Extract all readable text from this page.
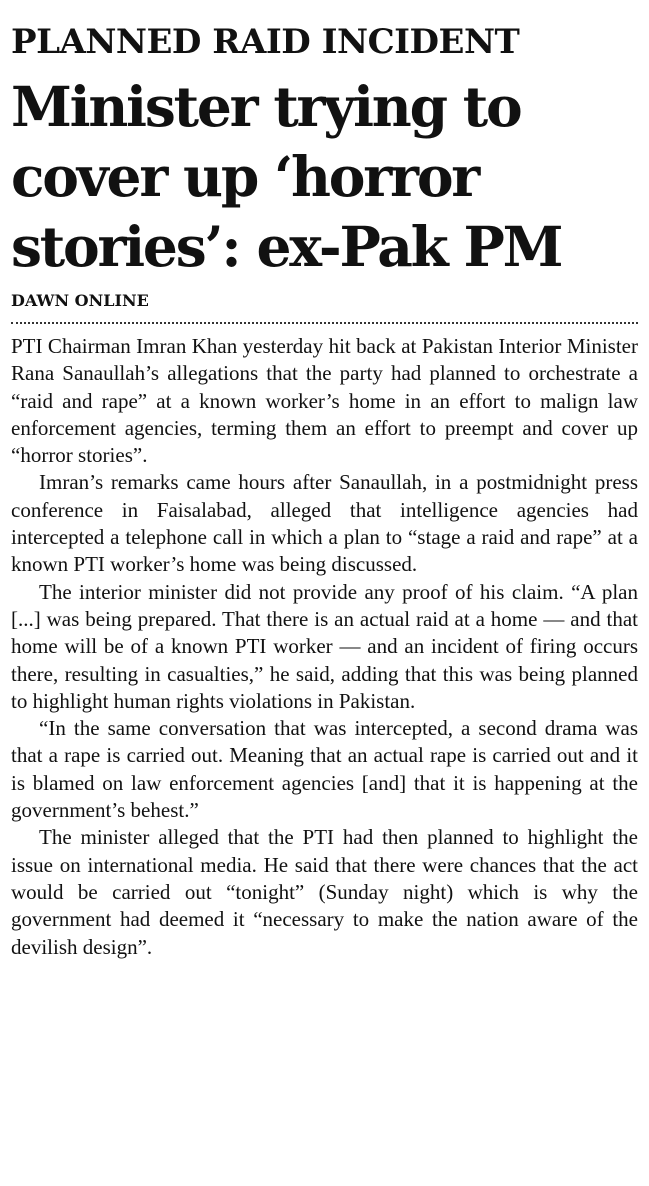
PLANNED RAID INCIDENT
Minister trying to
cover up ‘horror
stories’: ex-Pak PM
DAWN ONLINE

PTI Chairman Imran Khan yesterday hit back at Pakistan Interior Minister Rana Sanaullah’s allegations that the party had planned to orchestrate a “raid and rape” at a known worker’s home in an effort to malign law enforcement agencies, terming them an effort to preempt and cover up “horror stories”.

Imran’s remarks came hours after Sanaullah, in a postmidnight press conference in Faisalabad, alleged that intelligence agencies had intercepted a telephone call in which a plan to “stage a raid and rape” at a known PTI worker’s home was being discussed.

The interior minister did not provide any proof of his claim. “A plan [...] was being prepared. That there is an actual raid at a home — and that home will be of a known PTI worker — and an incident of firing occurs there, resulting in casualties,” he said, adding that this was being planned to highlight human rights violations in Pakistan.

“In the same conversation that was intercepted, a second drama was that a rape is carried out. Meaning that an actual rape is carried out and it is blamed on law enforcement agencies [and] that it is happening at the government’s behest.”

The minister alleged that the PTI had then planned to highlight the issue on international media. He said that there were chances that the act would be carried out “tonight” (Sunday night) which is why the government had deemed it “necessary to make the nation aware of the devilish design”.
